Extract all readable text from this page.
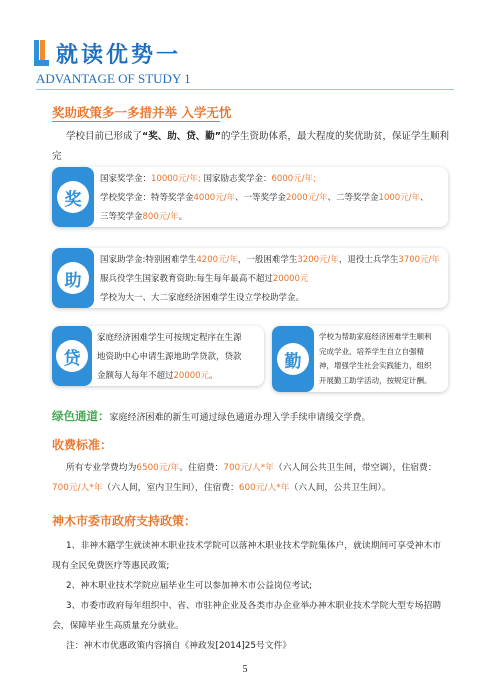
就读优势一
ADVANTAGE OF STUDY 1
奖助政策多一多措并举 入学无忧
学校目前已形成了“奖、助、贷、勤”的学生资助体系，最大程度的奖优助贫，保证学生顺利完

奖
国家奖学金：10000元/年; 国家励志奖学金：6000元/年;
学校奖学金：特等奖学金4000元/年、一等奖学金2000元/年、二等奖学金1000元/年、
三等奖学金800元/年。
助
国家助学金:特别困难学生4200元/年，一般困难学生3200元/年，退役士兵学生3700元/年
服兵役学生国家教育资助:每生每年最高不超过20000元
学校为大一、大二家庭经济困难学生设立学校助学金。
贷
家庭经济困难学生可按规定程序在生源
地资助中心申请生源地助学贷款，贷款
金额每人每年不超过20000元。
勤
学校为帮助家庭经济困难学生顺利
完成学业、培养学生自立自强精
神，增强学生社会实践能力，组织
开展勤工助学活动，按规定计酬。
绿色通道：家庭经济困难的新生可通过绿色通道办理入学手续申请缓交学费。
收费标准：
所有专业学费均为6500元/年。住宿费：700元/人*年（六人间公共卫生间，带空调），住宿费：
700元/人*年（六人间，室内卫生间），住宿费：600元/人*年（六人间，公共卫生间）。
神木市委市政府支持政策：
1、非神木籍学生就读神木职业技术学院可以落神木职业技术学院集体户，就读期间可享受神木市
现有全民免费医疗等惠民政策;
2、神木职业技术学院应届毕业生可以参加神木市公益岗位考试;
3、市委市政府每年组织中、省、市驻神企业及各类市办企业举办神木职业技术学院大型专场招聘
会，保障毕业生高质量充分就业。
注：神木市优惠政策内容摘自《神政发[2014]25号文件》
5
